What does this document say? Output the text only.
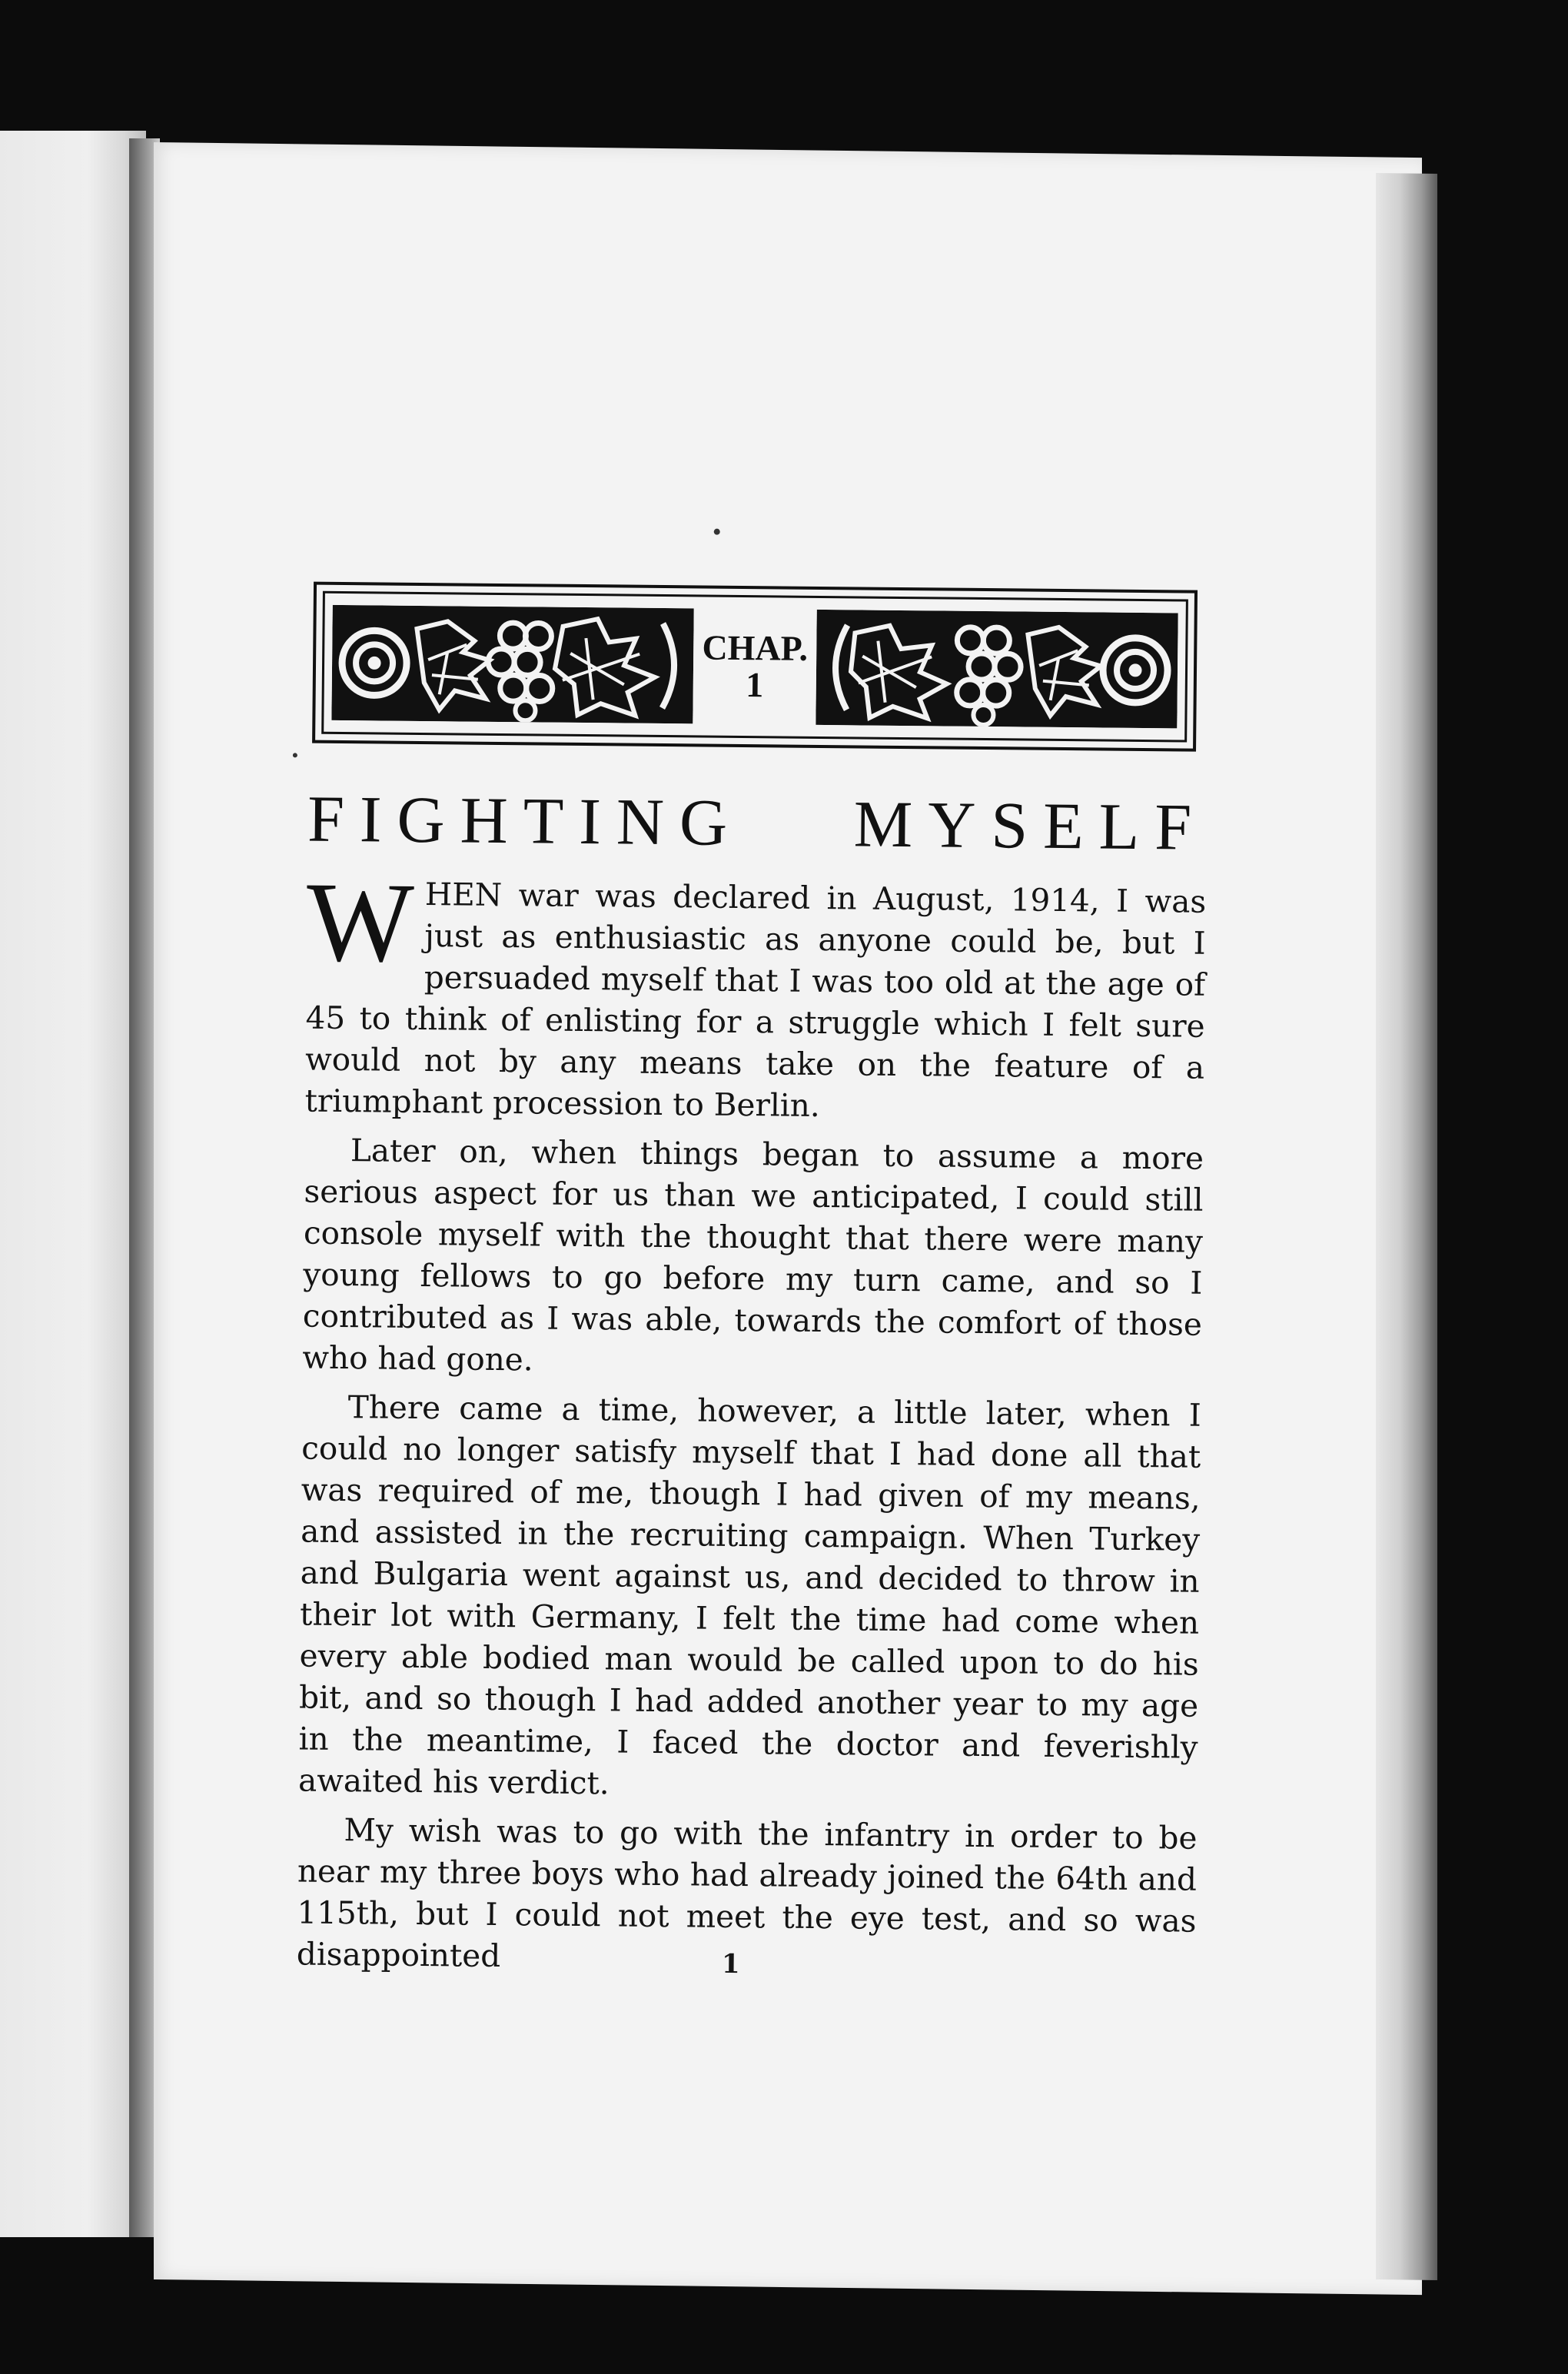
CHAP.
1
FIGHTING MYSELF

WHEN war was declared in August, 1914, I was just as enthusiastic as anyone could be, but I persuaded myself that I was too old at the age of 45 to think of enlisting for a struggle which I felt sure would not by any means take on the feature of a triumphant procession to Berlin.

Later on, when things began to assume a more serious aspect for us than we anticipated, I could still console myself with the thought that there were many young fellows to go before my turn came, and so I contributed as I was able, towards the comfort of those who had gone.

There came a time, however, a little later, when I could no longer satisfy myself that I had done all that was required of me, though I had given of my means, and assisted in the recruiting campaign. When Turkey and Bulgaria went against us, and decided to throw in their lot with Germany, I felt the time had come when every able bodied man would be called upon to do his bit, and so though I had added another year to my age in the meantime, I faced the doctor and feverishly awaited his verdict.

My wish was to go with the infantry in order to be near my three boys who had already joined the 64th and 115th, but I could not meet the eye test, and so was disappointed	1
